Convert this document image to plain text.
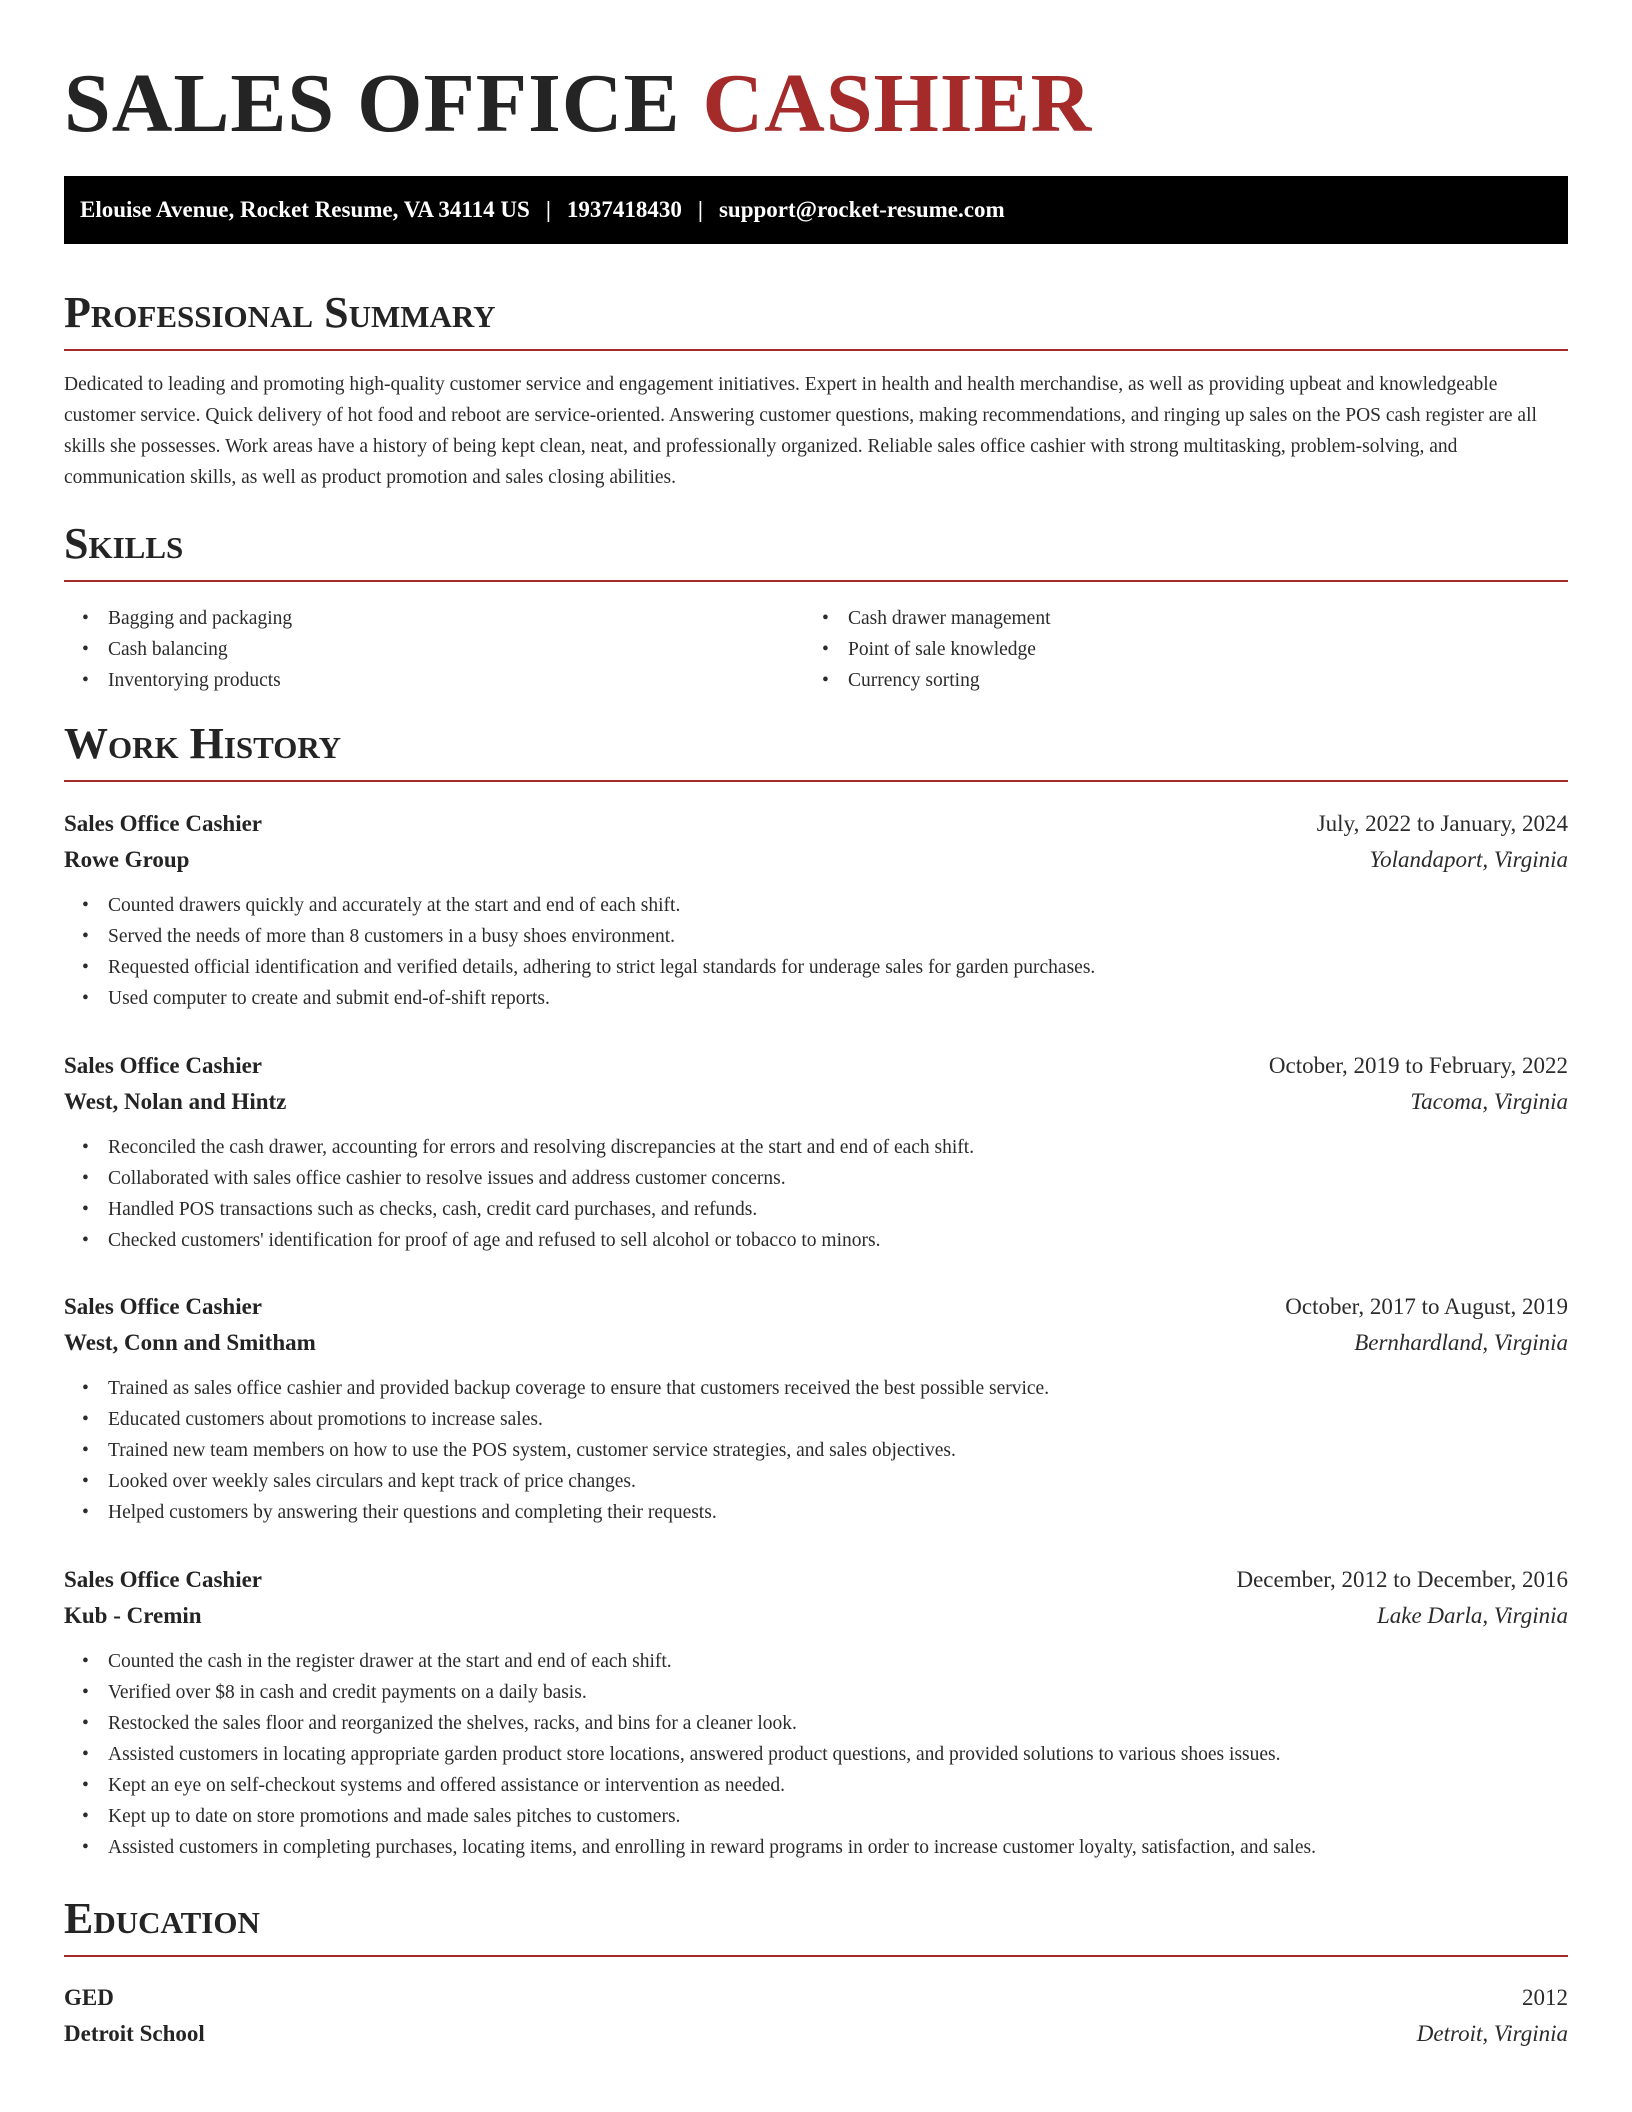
SALES OFFICE CASHIER
Elouise Avenue, Rocket Resume, VA 34114 US | 1937418430 | support@rocket-resume.com
Professional Summary

Dedicated to leading and promoting high-quality customer service and engagement initiatives. Expert in health and health merchandise, as well as providing upbeat and knowledgeable customer service. Quick delivery of hot food and reboot are service-oriented. Answering customer questions, making recommendations, and ringing up sales on the POS cash register are all skills she possesses. Work areas have a history of being kept clean, neat, and professionally organized. Reliable sales office cashier with strong multitasking, problem-solving, and communication skills, as well as product promotion and sales closing abilities.

Skills
• Bagging and packaging
• Cash balancing
• Inventorying products
• Cash drawer management
• Point of sale knowledge
• Currency sorting
Work History
Sales Office Cashier	July, 2022 to January, 2024
Rowe Group	Yolandaport, Virginia
• Counted drawers quickly and accurately at the start and end of each shift.
• Served the needs of more than 8 customers in a busy shoes environment.
• Requested official identification and verified details, adhering to strict legal standards for underage sales for garden purchases.
• Used computer to create and submit end-of-shift reports.
Sales Office Cashier	October, 2019 to February, 2022
West, Nolan and Hintz	Tacoma, Virginia
• Reconciled the cash drawer, accounting for errors and resolving discrepancies at the start and end of each shift.
• Collaborated with sales office cashier to resolve issues and address customer concerns.
• Handled POS transactions such as checks, cash, credit card purchases, and refunds.
• Checked customers' identification for proof of age and refused to sell alcohol or tobacco to minors.
Sales Office Cashier	October, 2017 to August, 2019
West, Conn and Smitham	Bernhardland, Virginia
• Trained as sales office cashier and provided backup coverage to ensure that customers received the best possible service.
• Educated customers about promotions to increase sales.
• Trained new team members on how to use the POS system, customer service strategies, and sales objectives.
• Looked over weekly sales circulars and kept track of price changes.
• Helped customers by answering their questions and completing their requests.
Sales Office Cashier	December, 2012 to December, 2016
Kub - Cremin	Lake Darla, Virginia
• Counted the cash in the register drawer at the start and end of each shift.
• Verified over $8 in cash and credit payments on a daily basis.
• Restocked the sales floor and reorganized the shelves, racks, and bins for a cleaner look.
• Assisted customers in locating appropriate garden product store locations, answered product questions, and provided solutions to various shoes issues.
• Kept an eye on self-checkout systems and offered assistance or intervention as needed.
• Kept up to date on store promotions and made sales pitches to customers.
• Assisted customers in completing purchases, locating items, and enrolling in reward programs in order to increase customer loyalty, satisfaction, and sales.
Education
GED	2012
Detroit School	Detroit, Virginia
